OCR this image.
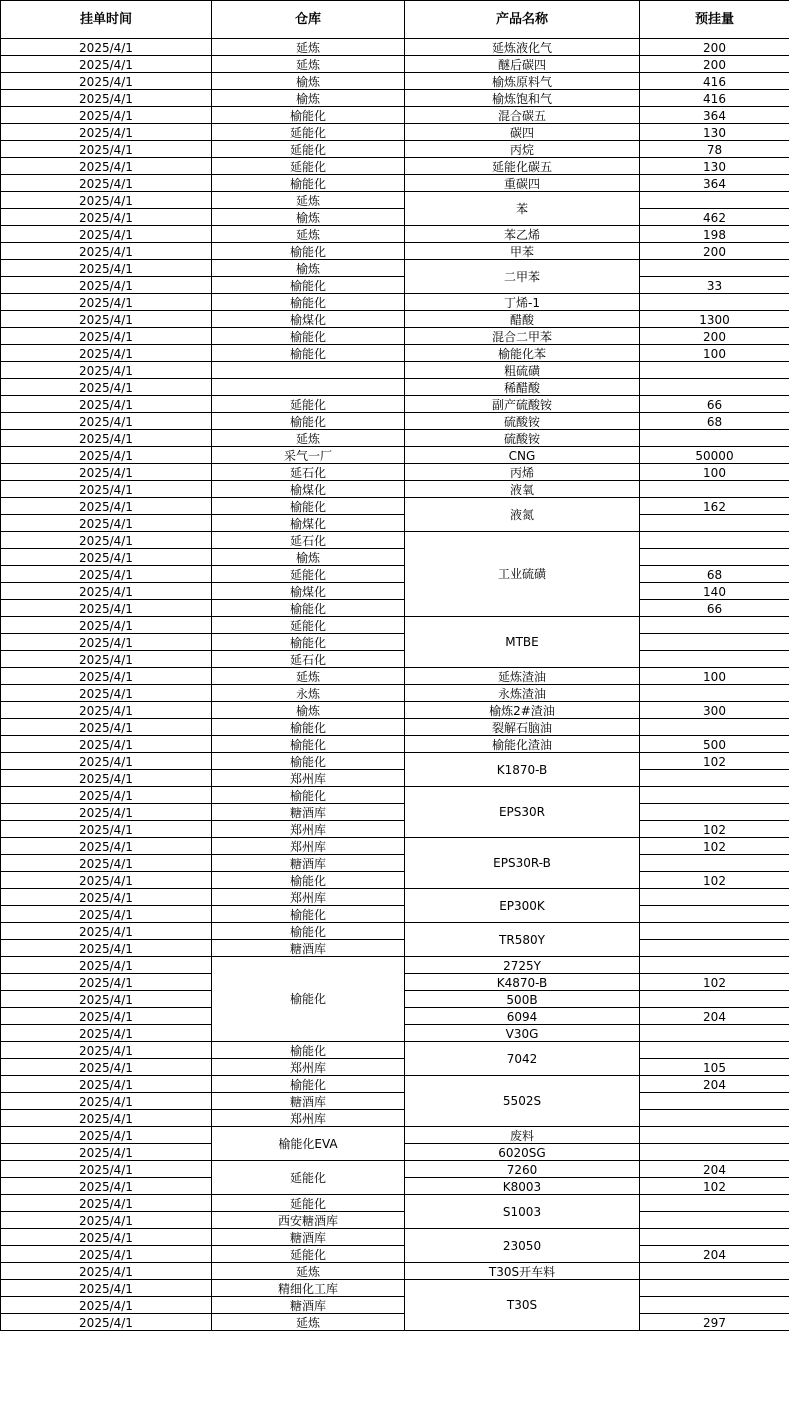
挂单时间	仓库	产品名称	预挂量
2025/4/1	延炼	延炼液化气	200
2025/4/1	延炼	醚后碳四	200
2025/4/1	榆炼	榆炼原料气	416
2025/4/1	榆炼	榆炼饱和气	416
2025/4/1	榆能化	混合碳五	364
2025/4/1	延能化	碳四	130
2025/4/1	延能化	丙烷	78
2025/4/1	延能化	延能化碳五	130
2025/4/1	榆能化	重碳四	364
2025/4/1	延炼	苯	
2025/4/1	榆炼		462
2025/4/1	延炼	苯乙烯	198
2025/4/1	榆能化	甲苯	200
2025/4/1	榆炼	二甲苯	
2025/4/1	榆能化		33
2025/4/1	榆能化	丁烯-1	
2025/4/1	榆煤化	醋酸	1300
2025/4/1	榆能化	混合二甲苯	200
2025/4/1	榆能化	榆能化苯	100
2025/4/1		粗硫磺	
2025/4/1		稀醋酸	
2025/4/1	延能化	副产硫酸铵	66
2025/4/1	榆能化	硫酸铵	68
2025/4/1	延炼	硫酸铵	
2025/4/1	采气一厂	CNG	50000
2025/4/1	延石化	丙烯	100
2025/4/1	榆煤化	液氧	
2025/4/1	榆能化	液氮	162
2025/4/1	榆煤化		
2025/4/1	延石化	工业硫磺	
2025/4/1	榆炼		
2025/4/1	延能化		68
2025/4/1	榆煤化		140
2025/4/1	榆能化		66
2025/4/1	延能化	MTBE	
2025/4/1	榆能化		
2025/4/1	延石化		
2025/4/1	延炼	延炼渣油	100
2025/4/1	永炼	永炼渣油	
2025/4/1	榆炼	榆炼2#渣油	300
2025/4/1	榆能化	裂解石脑油	
2025/4/1	榆能化	榆能化渣油	500
2025/4/1	榆能化	K1870-B	102
2025/4/1	郑州库		
2025/4/1	榆能化	EPS30R	
2025/4/1	糖酒库		
2025/4/1	郑州库		102
2025/4/1	郑州库	EPS30R-B	102
2025/4/1	糖酒库		
2025/4/1	榆能化		102
2025/4/1	郑州库	EP300K	
2025/4/1	榆能化		
2025/4/1	榆能化	TR580Y	
2025/4/1	糖酒库		
2025/4/1	榆能化	2725Y	
2025/4/1		K4870-B	102
2025/4/1		500B	
2025/4/1		6094	204
2025/4/1		V30G	
2025/4/1	榆能化	7042	
2025/4/1	郑州库		105
2025/4/1	榆能化	5502S	204
2025/4/1	糖酒库		
2025/4/1	郑州库		
2025/4/1	榆能化EVA	废料	
2025/4/1		6020SG	
2025/4/1	延能化	7260	204
2025/4/1		K8003	102
2025/4/1	延能化	S1003	
2025/4/1	西安糖酒库		
2025/4/1	糖酒库	23050	
2025/4/1	延能化		204
2025/4/1	延炼	T30S开车料	
2025/4/1	精细化工库	T30S	
2025/4/1	糖酒库		
2025/4/1	延炼		297
